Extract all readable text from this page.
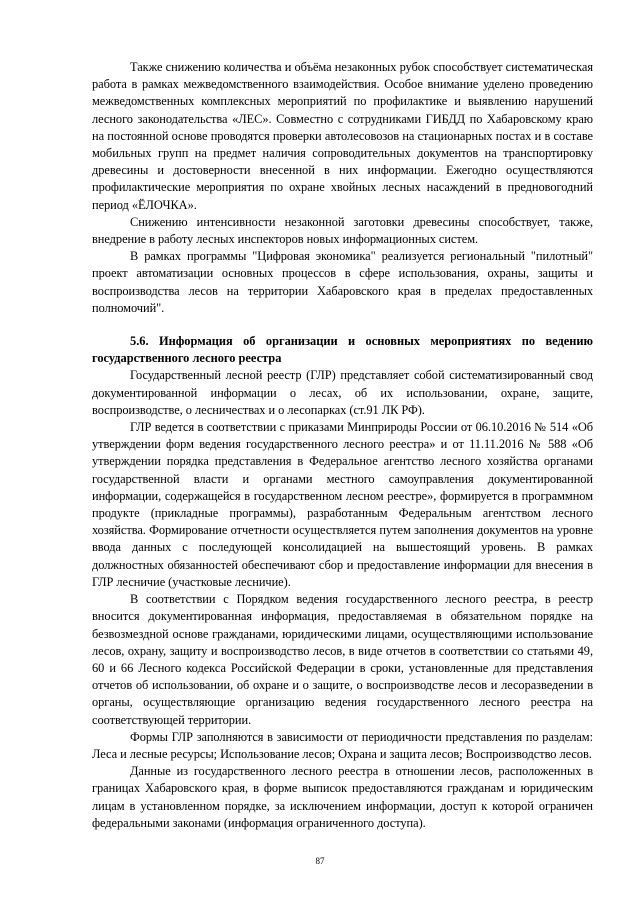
Также снижению количества и объёма незаконных рубок способствует систематическая работа в рамках межведомственного взаимодействия. Особое внимание уделено проведению межведомственных комплексных мероприятий по профилактике и выявлению нарушений лесного законодательства «ЛЕС». Совместно с сотрудниками ГИБДД по Хабаровскому краю на постоянной основе проводятся проверки автолесовозов на стационарных постах и в составе мобильных групп на предмет наличия сопроводительных документов на транспортировку древесины и достоверности внесенной в них информации. Ежегодно осуществляются профилактические мероприятия по охране хвойных лесных насаждений в предновогодний период «ЁЛОЧКА».

Снижению интенсивности незаконной заготовки древесины способствует, также, внедрение в работу лесных инспекторов новых информационных систем.

В рамках программы "Цифровая экономика" реализуется региональный "пилотный" проект автоматизации основных процессов в сфере использования, охраны, защиты и воспроизводства лесов на территории Хабаровского края в пределах предоставленных полномочий".

5.6. Информация об организации и основных мероприятиях по ведению государственного лесного реестра

Государственный лесной реестр (ГЛР) представляет собой систематизированный свод документированной информации о лесах, об их использовании, охране, защите, воспроизводстве, о лесничествах и о лесопарках (ст.91 ЛК РФ).

ГЛР ведется в соответствии с приказами Минприроды России от 06.10.2016 № 514 «Об утверждении форм ведения государственного лесного реестра» и от 11.11.2016 № 588 «Об утверждении порядка представления в Федеральное агентство лесного хозяйства органами государственной власти и органами местного самоуправления документированной информации, содержащейся в государственном лесном реестре», формируется в программном продукте (прикладные программы), разработанным Федеральным агентством лесного хозяйства. Формирование отчетности осуществляется путем заполнения документов на уровне ввода данных с последующей консолидацией на вышестоящий уровень. В рамках должностных обязанностей обеспечивают сбор и предоставление информации для внесения в ГЛР лесничие (участковые лесничие).

В соответствии с Порядком ведения государственного лесного реестра, в реестр вносится документированная информация, предоставляемая в обязательном порядке на безвозмездной основе гражданами, юридическими лицами, осуществляющими использование лесов, охрану, защиту и воспроизводство лесов, в виде отчетов в соответствии со статьями 49, 60 и 66 Лесного кодекса Российской Федерации в сроки, установленные для представления отчетов об использовании, об охране и о защите, о воспроизводстве лесов и лесоразведении в органы, осуществляющие организацию ведения государственного лесного реестра на соответствующей территории.

Формы ГЛР заполняются в зависимости от периодичности представления по разделам: Леса и лесные ресурсы; Использование лесов; Охрана и защита лесов; Воспроизводство лесов.

Данные из государственного лесного реестра в отношении лесов, расположенных в границах Хабаровского края, в форме выписок предоставляются гражданам и юридическим лицам в установленном порядке, за исключением информации, доступ к которой ограничен федеральными законами (информация ограниченного доступа).

87
